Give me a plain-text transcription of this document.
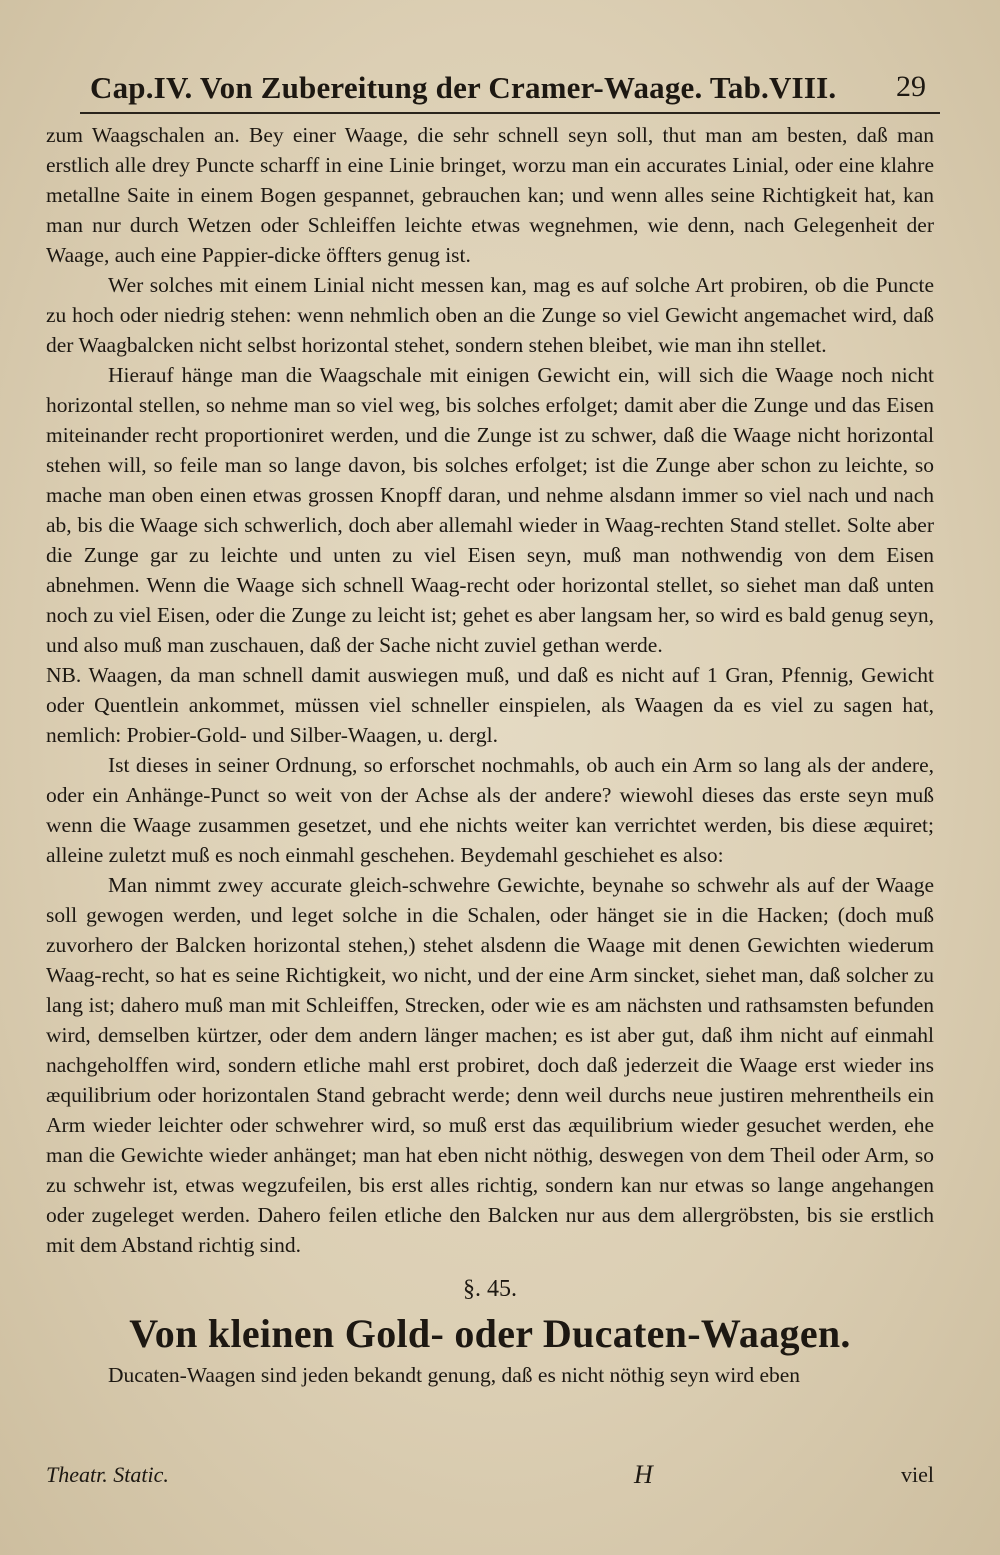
Cap.IV. Von Zubereitung der Cramer-Waage. Tab.VIII. 29

zum Waagschalen an. Bey einer Waage, die sehr schnell seyn soll, thut man am besten, daß man erstlich alle drey Puncte scharff in eine Linie bringet, worzu man ein accurates Linial, oder eine klahre metallne Saite in einem Bogen gespannet, gebrauchen kan; und wenn alles seine Richtigkeit hat, kan man nur durch Wetzen oder Schleiffen leichte etwas wegnehmen, wie denn, nach Gelegenheit der Waage, auch eine Pappier-dicke öffters genug ist.

Wer solches mit einem Linial nicht messen kan, mag es auf solche Art probiren, ob die Puncte zu hoch oder niedrig stehen: wenn nehmlich oben an die Zunge so viel Gewicht angemachet wird, daß der Waagbalcken nicht selbst horizontal stehet, sondern stehen bleibet, wie man ihn stellet.

Hierauf hänge man die Waagschale mit einigen Gewicht ein, will sich die Waage noch nicht horizontal stellen, so nehme man so viel weg, bis solches erfolget; damit aber die Zunge und das Eisen miteinander recht proportioniret werden, und die Zunge ist zu schwer, daß die Waage nicht horizontal stehen will, so feile man so lange davon, bis solches erfolget; ist die Zunge aber schon zu leichte, so mache man oben einen etwas grossen Knopff daran, und nehme alsdann immer so viel nach und nach ab, bis die Waage sich schwerlich, doch aber allemahl wieder in Waag-rechten Stand stellet. Solte aber die Zunge gar zu leichte und unten zu viel Eisen seyn, muß man nothwendig von dem Eisen abnehmen. Wenn die Waage sich schnell Waag-recht oder horizontal stellet, so siehet man daß unten noch zu viel Eisen, oder die Zunge zu leicht ist; gehet es aber langsam her, so wird es bald genug seyn, und also muß man zuschauen, daß der Sache nicht zuviel gethan werde.

NB. Waagen, da man schnell damit auswiegen muß, und daß es nicht auf 1 Gran, Pfennig, Gewicht oder Quentlein ankommet, müssen viel schneller einspielen, als Waagen da es viel zu sagen hat, nemlich: Probier-Gold- und Silber-Waagen, u. dergl.

Ist dieses in seiner Ordnung, so erforschet nochmahls, ob auch ein Arm so lang als der andere, oder ein Anhänge-Punct so weit von der Achse als der andere? wiewohl dieses das erste seyn muß wenn die Waage zusammen gesetzet, und ehe nichts weiter kan verrichtet werden, bis diese æquiret; alleine zuletzt muß es noch einmahl geschehen. Beydemahl geschiehet es also:

Man nimmt zwey accurate gleich-schwehre Gewichte, beynahe so schwehr als auf der Waage soll gewogen werden, und leget solche in die Schalen, oder hänget sie in die Hacken; (doch muß zuvorhero der Balcken horizontal stehen,) stehet alsdenn die Waage mit denen Gewichten wiederum Waag-recht, so hat es seine Richtigkeit, wo nicht, und der eine Arm sincket, siehet man, daß solcher zu lang ist; dahero muß man mit Schleiffen, Strecken, oder wie es am nächsten und rathsamsten befunden wird, demselben kürtzer, oder dem andern länger machen; es ist aber gut, daß ihm nicht auf einmahl nachgeholffen wird, sondern etliche mahl erst probiret, doch daß jederzeit die Waage erst wieder ins æquilibrium oder horizontalen Stand gebracht werde; denn weil durchs neue justiren mehrentheils ein Arm wieder leichter oder schwehrer wird, so muß erst das æquilibrium wieder gesuchet werden, ehe man die Gewichte wieder anhänget; man hat eben nicht nöthig, deswegen von dem Theil oder Arm, so zu schwehr ist, etwas wegzufeilen, bis erst alles richtig, sondern kan nur etwas so lange angehangen oder zugeleget werden. Dahero feilen etliche den Balcken nur aus dem allergröbsten, bis sie erstlich mit dem Abstand richtig sind.

§. 45.
Von kleinen Gold- oder Ducaten-Waagen.

Ducaten-Waagen sind jeden bekandt genung, daß es nicht nöthig seyn wird eben

Theatr. Static.	H	viel
